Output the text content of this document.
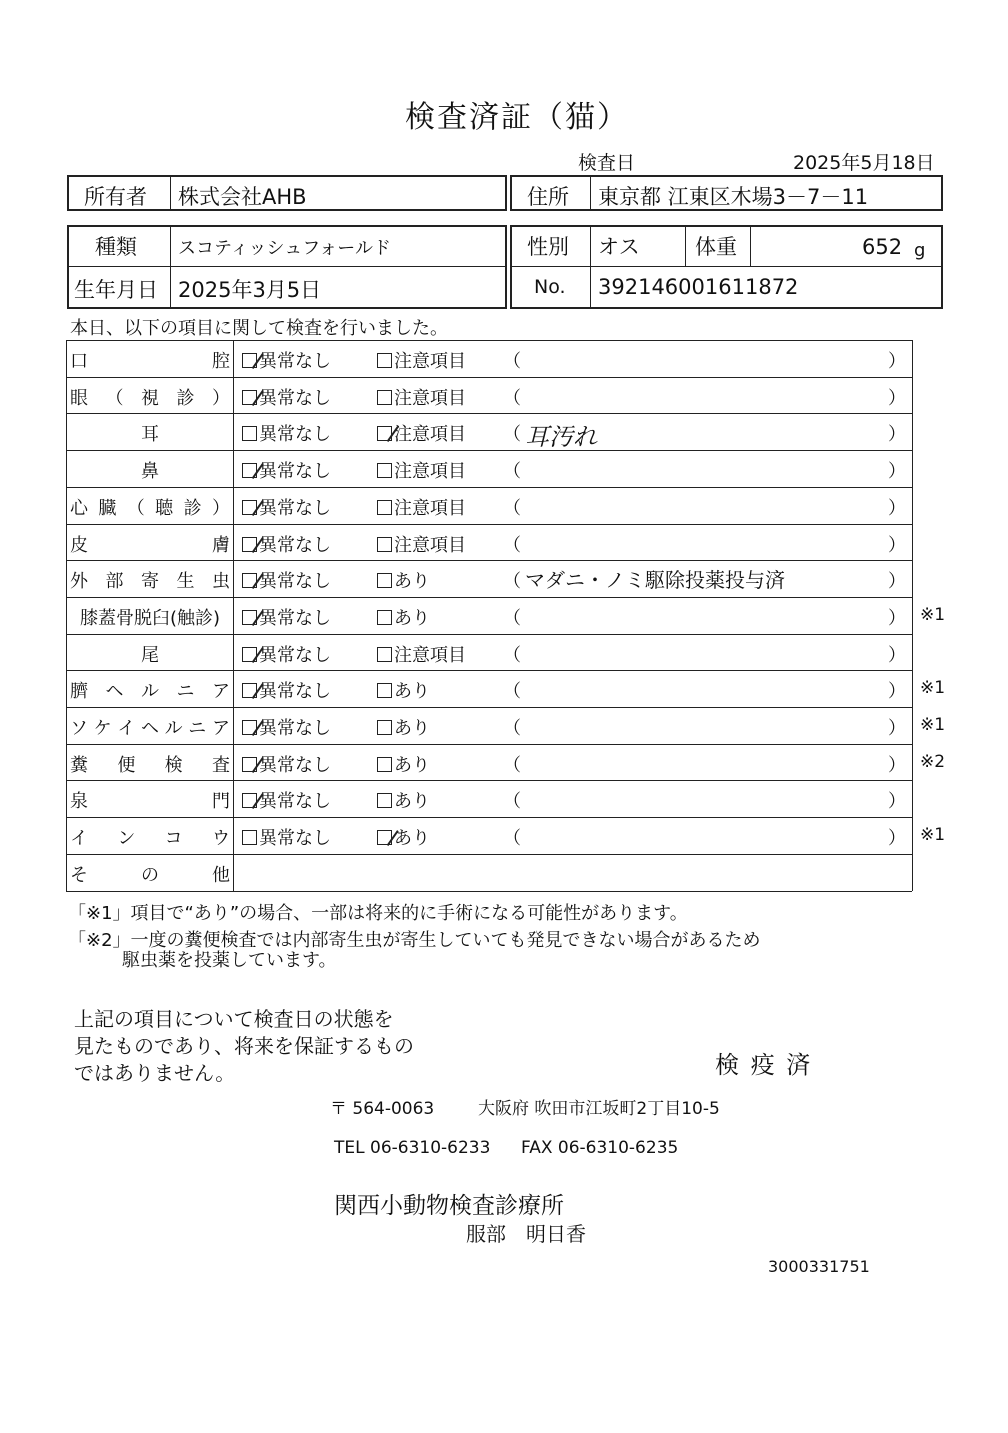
検査済証（猫）
検査日	2025年5月18日
所有者 株式会社AHB	住所 東京都 江東区木場3－7－11
種類 スコティッシュフォールド
生年月日 2025年3月5日
性別 オス	体重	652 g
No. 392146001611872
本日、以下の項目に関して検査を行いました。
口	腔	異常なし	注意項目 （	）
眼 （ 視 診 ）	異常なし	注意項目 （	）
耳	異常なし	注意項目 （ 耳汚れ	）
鼻	異常なし	注意項目 （	）
心 臓 （ 聴 診 ）	異常なし	注意項目 （	）
皮	膚	異常なし	注意項目 （	）
外 部 寄 生 虫	異常なし	あり	（ マダニ・ノミ駆除投薬投与済	）
膝蓋骨脱臼(触診)	異常なし	あり	（	） ※1
尾	異常なし	注意項目 （	）
臍 ヘ ル ニ ア	異常なし	あり	（	） ※1
ソ ケ イ ヘ ル ニ ア	異常なし	あり	（	） ※1
糞 便 検 査	異常なし	あり	（	） ※2
泉	門	異常なし	あり	（	）
イ ン コ ウ	異常なし	あり	（	） ※1
そ	の	他
「※1」項目で“あり”の場合、一部は将来的に手術になる可能性があります。
「※2」一度の糞便検査では内部寄生虫が寄生していても発見できない場合があるため
駆虫薬を投薬しています。
上記の項目について検査日の状態を
見たものであり、将来を保証するもの
ではありません。	検 疫 済
〒 564-0063	大阪府 吹田市江坂町2丁目10-5
TEL 06-6310-6233 FAX 06-6310-6235
関西小動物検査診療所
服部　明日香
3000331751
